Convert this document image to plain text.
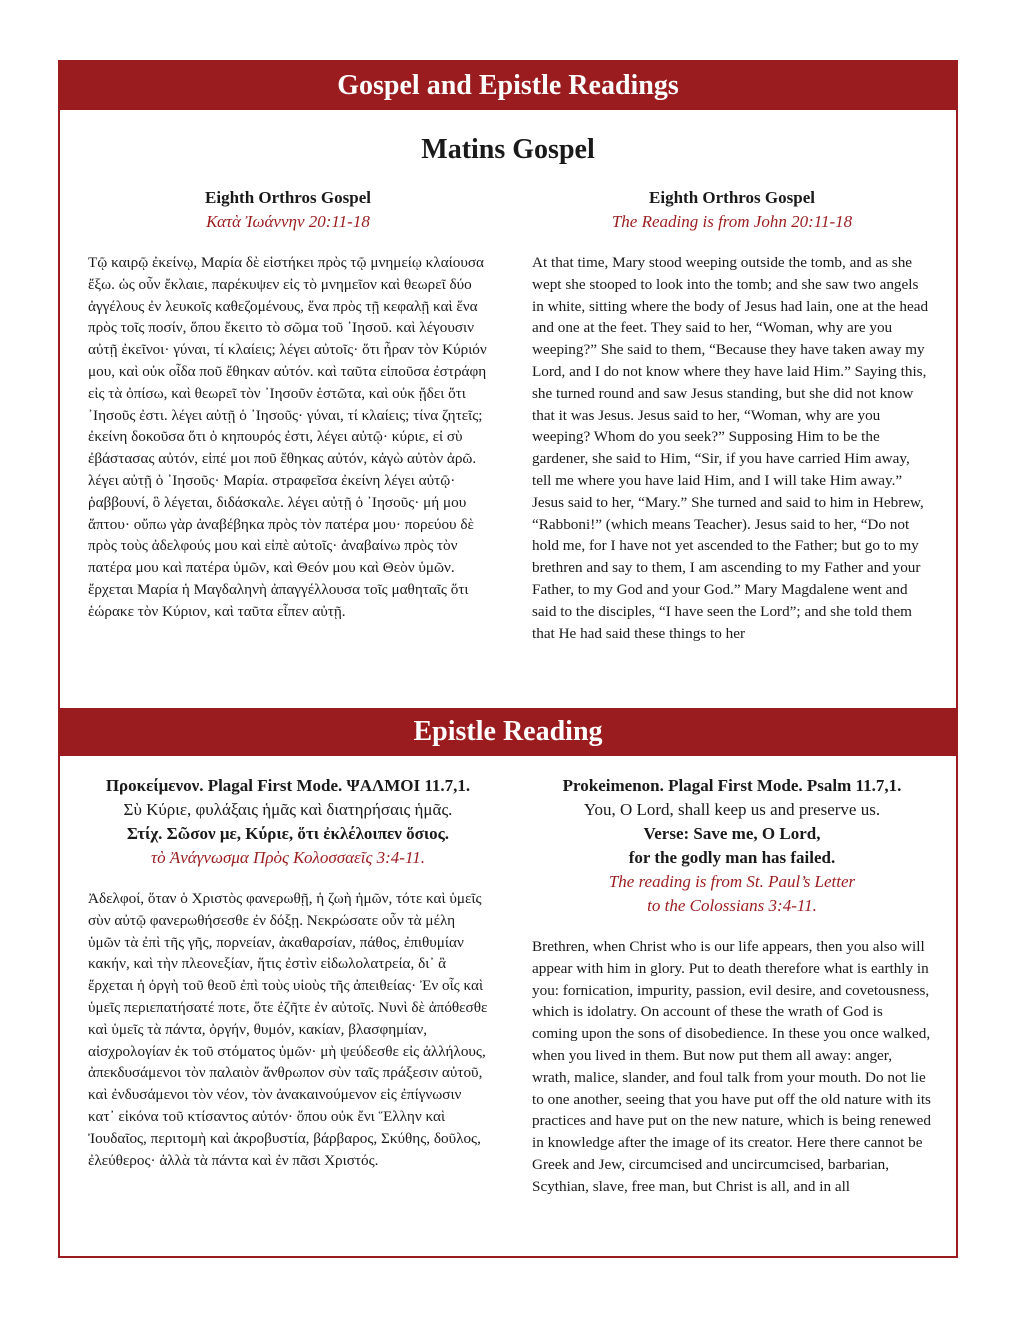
Gospel and Epistle Readings
Matins Gospel
Eighth Orthros Gospel
Κατὰ Ἰωάννην 20:11-18
Τῷ καιρῷ ἐκείνῳ, Μαρία δὲ εἱστήκει πρὸς τῷ μνημείῳ κλαίουσα ἔξω. ὡς οὖν ἔκλαιε, παρέκυψεν εἰς τὸ μνημεῖον καὶ θεωρεῖ δύο ἀγγέλους ἐν λευκοῖς καθεζομένους, ἕνα πρὸς τῇ κεφαλῇ καὶ ἕνα πρὸς τοῖς ποσίν, ὅπου ἔκειτο τὸ σῶμα τοῦ ᾿Ιησοῦ. καὶ λέγουσιν αὐτῇ ἐκεῖνοι· γύναι, τί κλαίεις; λέγει αὐτοῖς· ὅτι ἦραν τὸν Κύριόν μου, καὶ οὐκ οἶδα ποῦ ἔθηκαν αὐτόν. καὶ ταῦτα εἰποῦσα ἐστράφη εἰς τὰ ὀπίσω, καὶ θεωρεῖ τὸν ᾿Ιησοῦν ἑστῶτα, καὶ οὐκ ᾔδει ὅτι ᾿Ιησοῦς ἐστι. λέγει αὐτῇ ὁ ᾿Ιησοῦς· γύναι, τί κλαίεις; τίνα ζητεῖς; ἐκείνη δοκοῦσα ὅτι ὁ κηπουρός ἐστι, λέγει αὐτῷ· κύριε, εἰ σὺ ἐβάστασας αὐτόν, εἰπέ μοι ποῦ ἔθηκας αὐτόν, κἀγὼ αὐτὸν ἀρῶ. λέγει αὐτῇ ὁ ᾿Ιησοῦς· Μαρία. στραφεῖσα ἐκείνη λέγει αὐτῷ· ῥαββουνί, ὃ λέγεται, διδάσκαλε. λέγει αὐτῇ ὁ ᾿Ιησοῦς· μή μου ἅπτου· οὔπω γὰρ ἀναβέβηκα πρὸς τὸν πατέρα μου· πορεύου δὲ πρὸς τοὺς ἀδελφούς μου καὶ εἰπὲ αὐτοῖς· ἀναβαίνω πρὸς τὸν πατέρα μου καὶ πατέρα ὑμῶν, καὶ Θεόν μου καὶ Θεὸν ὑμῶν. ἔρχεται Μαρία ἡ Μαγδαληνὴ ἀπαγγέλλουσα τοῖς μαθηταῖς ὅτι ἑώρακε τὸν Κύριον, καὶ ταῦτα εἶπεν αὐτῇ.
Eighth Orthros Gospel
The Reading is from John 20:11-18
At that time, Mary stood weeping outside the tomb, and as she wept she stooped to look into the tomb; and she saw two angels in white, sitting where the body of Jesus had lain, one at the head and one at the feet. They said to her, “Woman, why are you weeping?” She said to them, “Because they have taken away my Lord, and I do not know where they have laid Him.” Saying this, she turned round and saw Jesus standing, but she did not know that it was Jesus. Jesus said to her, “Woman, why are you weeping? Whom do you seek?” Supposing Him to be the gardener, she said to Him, “Sir, if you have carried Him away, tell me where you have laid Him, and I will take Him away.” Jesus said to her, “Mary.” She turned and said to him in Hebrew, “Rabboni!” (which means Teacher). Jesus said to her, “Do not hold me, for I have not yet ascended to the Father; but go to my brethren and say to them, I am ascending to my Father and your Father, to my God and your God.” Mary Magdalene went and said to the disciples, “I have seen the Lord”; and she told them that He had said these things to her
Epistle Reading
Προκείμενον. Plagal First Mode. ΨΑΛΜΟΙ 11.7,1.
Σὺ Κύριε, φυλάξαις ἡμᾶς καὶ διατηρήσαις ἡμᾶς.
Στίχ. Σῶσον με, Κύριε, ὅτι ἐκλέλοιπεν ὅσιος.
τὸ Ἀνάγνωσμα Πρὸς Κολοσσαεῖς 3:4-11.
Ἀδελφοί, ὅταν ὁ Χριστὸς φανερωθῇ, ἡ ζωὴ ἡμῶν, τότε καὶ ὑμεῖς σὺν αὐτῷ φανερωθήσεσθε ἐν δόξῃ. Νεκρώσατε οὖν τὰ μέλη ὑμῶν τὰ ἐπὶ τῆς γῆς, πορνείαν, ἀκαθαρσίαν, πάθος, ἐπιθυμίαν κακήν, καὶ τὴν πλεονεξίαν, ἥτις ἐστὶν εἰδωλολατρεία, δι᾿ ἃ ἔρχεται ἡ ὀργὴ τοῦ θεοῦ ἐπὶ τοὺς υἱοὺς τῆς ἀπειθείας· Ἐν οἷς καὶ ὑμεῖς περιεπατήσατέ ποτε, ὅτε ἐζῆτε ἐν αὐτοῖς. Νυνὶ δὲ ἀπόθεσθε καὶ ὑμεῖς τὰ πάντα, ὀργήν, θυμόν, κακίαν, βλασφημίαν, αἰσχρολογίαν ἐκ τοῦ στόματος ὑμῶν· μὴ ψεύδεσθε εἰς ἀλλήλους, ἀπεκδυσάμενοι τὸν παλαιὸν ἄνθρωπον σὺν ταῖς πράξεσιν αὐτοῦ, καὶ ἐνδυσάμενοι τὸν νέον, τὸν ἀνακαινούμενον εἰς ἐπίγνωσιν κατ᾿ εἰκόνα τοῦ κτίσαντος αὐτόν· ὅπου οὐκ ἔνι Ἕλλην καὶ Ἰουδαῖος, περιτομὴ καὶ ἀκροβυστία, βάρβαρος, Σκύθης, δοῦλος, ἐλεύθερος· ἀλλὰ τὰ πάντα καὶ ἐν πᾶσι Χριστός.
Prokeimenon. Plagal First Mode. Psalm 11.7,1.
You, O Lord, shall keep us and preserve us.
Verse: Save me, O Lord,
for the godly man has failed.
The reading is from St. Paul’s Letter
to the Colossians 3:4-11.
Brethren, when Christ who is our life appears, then you also will appear with him in glory. Put to death therefore what is earthly in you: fornication, impurity, passion, evil desire, and covetousness, which is idolatry. On account of these the wrath of God is coming upon the sons of disobedience. In these you once walked, when you lived in them. But now put them all away: anger, wrath, malice, slander, and foul talk from your mouth. Do not lie to one another, seeing that you have put off the old nature with its practices and have put on the new nature, which is being renewed in knowledge after the image of its creator. Here there cannot be Greek and Jew, circumcised and uncircumcised, barbarian, Scythian, slave, free man, but Christ is all, and in all
